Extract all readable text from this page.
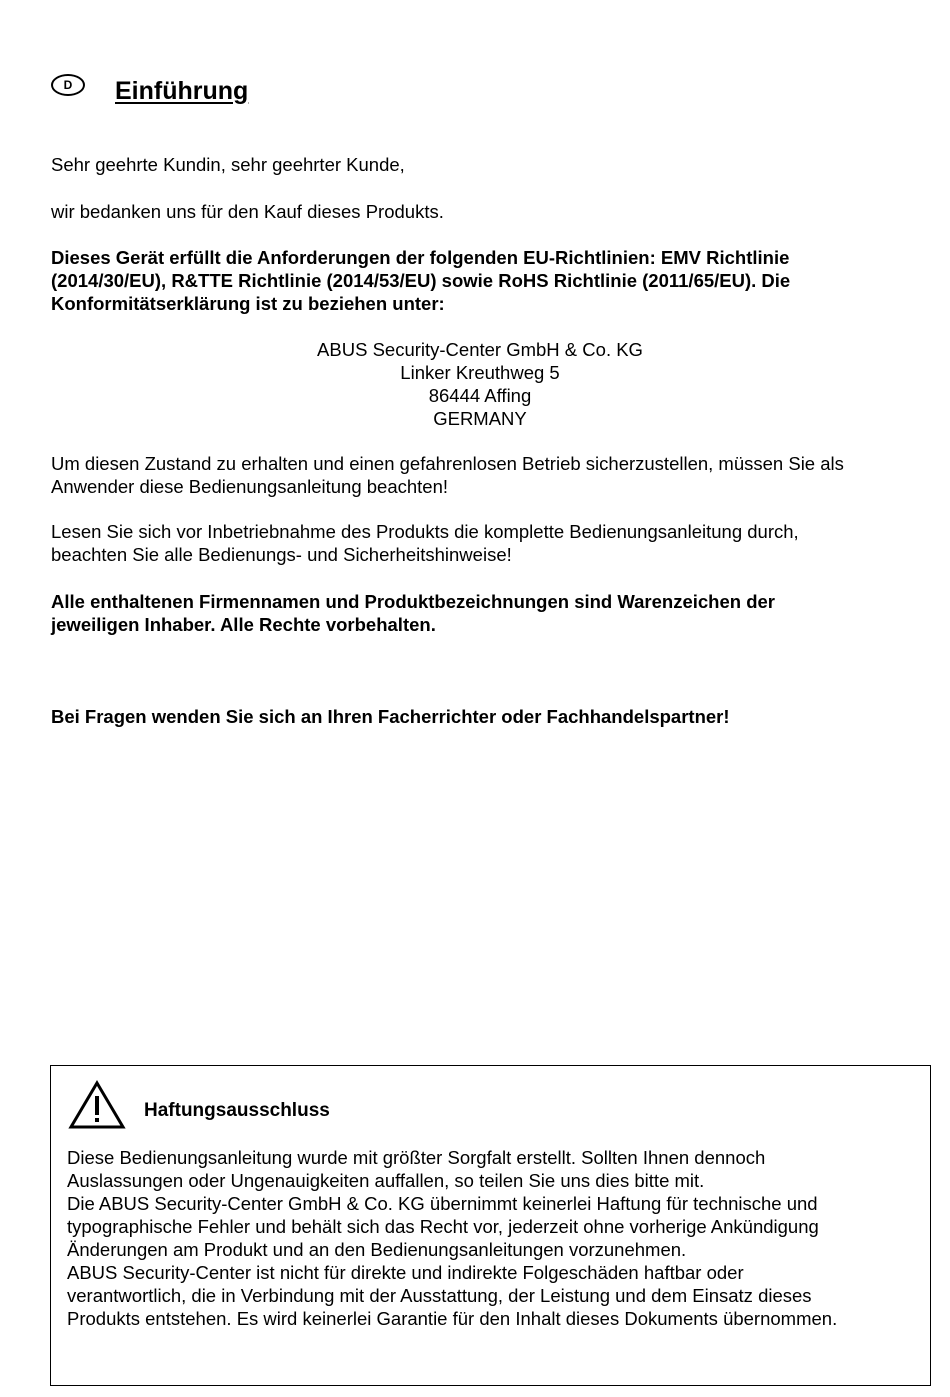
D Einführung

Sehr geehrte Kundin, sehr geehrter Kunde,

wir bedanken uns für den Kauf dieses Produkts.

Dieses Gerät erfüllt die Anforderungen der folgenden EU-Richtlinien: EMV Richtlinie
(2014/30/EU), R&TTE Richtlinie (2014/53/EU) sowie RoHS Richtlinie (2011/65/EU). Die
Konformitätserklärung ist zu beziehen unter:

ABUS Security-Center GmbH & Co. KG
Linker Kreuthweg 5
86444 Affing
GERMANY

Um diesen Zustand zu erhalten und einen gefahrenlosen Betrieb sicherzustellen, müssen Sie als
Anwender diese Bedienungsanleitung beachten!

Lesen Sie sich vor Inbetriebnahme des Produkts die komplette Bedienungsanleitung durch,
beachten Sie alle Bedienungs- und Sicherheitshinweise!

Alle enthaltenen Firmennamen und Produktbezeichnungen sind Warenzeichen der
jeweiligen Inhaber. Alle Rechte vorbehalten.

Bei Fragen wenden Sie sich an Ihren Facherrichter oder Fachhandelspartner!

Haftungsausschluss

Diese Bedienungsanleitung wurde mit größter Sorgfalt erstellt. Sollten Ihnen dennoch
Auslassungen oder Ungenauigkeiten auffallen, so teilen Sie uns dies bitte mit.
Die ABUS Security-Center GmbH & Co. KG übernimmt keinerlei Haftung für technische und
typographische Fehler und behält sich das Recht vor, jederzeit ohne vorherige Ankündigung
Änderungen am Produkt und an den Bedienungsanleitungen vorzunehmen.
ABUS Security-Center ist nicht für direkte und indirekte Folgeschäden haftbar oder
verantwortlich, die in Verbindung mit der Ausstattung, der Leistung und dem Einsatz dieses
Produkts entstehen. Es wird keinerlei Garantie für den Inhalt dieses Dokuments übernommen.
